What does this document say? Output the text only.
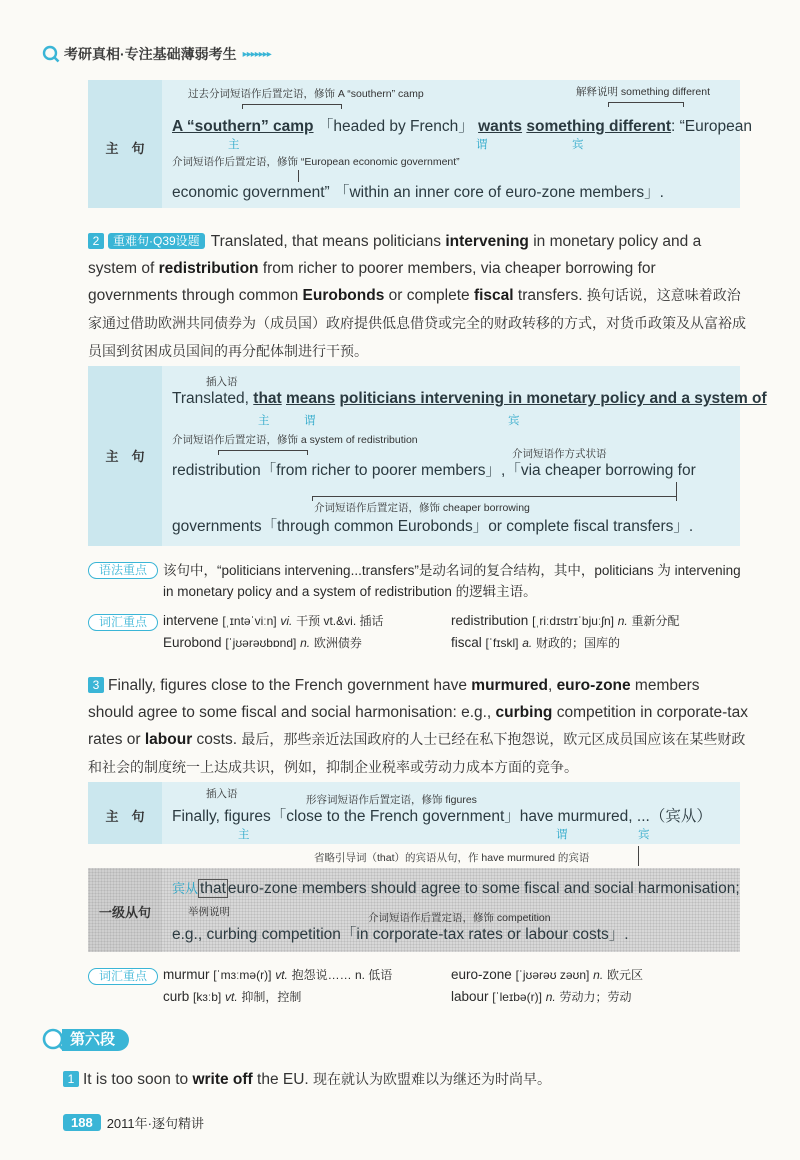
考研真相·专注基础薄弱考生 ▸▸▸▸▸▸▸
主　句
过去分词短语作后置定语，修饰 A “southern” camp	解释说明 something different
A “southern” camp 「headed by French」 wants something different: “European
主	谓	宾
介词短语作后置定语，修饰 “European economic government”
economic government” 「within an inner core of euro-zone members」.
2 重难句·Q39设题 Translated, that means politicians intervening in monetary policy and a system of redistribution from richer to poorer members, via cheaper borrowing for governments through common Eurobonds or complete fiscal transfers. 换句话说，这意味着政治家通过借助欧洲共同债券为（成员国）政府提供低息借贷或完全的财政转移的方式，对货币政策及从富裕成员国到贫困成员国间的再分配体制进行干预。
主　句
插入语
Translated, that means politicians intervening in monetary policy and a system of
主	谓	宾
介词短语作后置定语，修饰 a system of redistribution
介词短语作方式状语
redistribution「from richer to poorer members」,「via cheaper borrowing for
介词短语作后置定语，修饰 cheaper borrowing
governments「through common Eurobonds」or complete fiscal transfers」.
语法重点	该句中，“politicians intervening...transfers”是动名词的复合结构，其中，politicians 为 intervening in monetary policy and a system of redistribution 的逻辑主语。
词汇重点	intervene [ˌɪntəˈviːn] vi. 干预 vt.&vi. 插话	redistribution [ˌriːdɪstrɪˈbjuːʃn] n. 重新分配
Eurobond [ˈjʊərəʊbɒnd] n. 欧洲债券	fiscal [ˈfɪskl] a. 财政的；国库的
3 Finally, figures close to the French government have murmured, euro-zone members should agree to some fiscal and social harmonisation: e.g., curbing competition in corporate-tax rates or labour costs. 最后，那些亲近法国政府的人士已经在私下抱怨说，欧元区成员国应该在某些财政和社会的制度统一上达成共识，例如，抑制企业税率或劳动力成本方面的竞争。
主　句
插入语	形容词短语作后置定语，修饰 figures
Finally, figures「close to the French government」have murmured, ...（宾从）
主	谓	宾
省略引导词（that）的宾语从句，作 have murmured 的宾语
一级从句
宾从 that euro-zone members should agree to some fiscal and social harmonisation;
举例说明	介词短语作后置定语，修饰 competition
e.g., curbing competition「in corporate-tax rates or labour costs」.
词汇重点	murmur [ˈmɜːmə(r)] vt. 抱怨说…… n. 低语	euro-zone [ˈjʊərəʊ zəʊn] n. 欧元区
curb [kɜːb] vt. 抑制，控制	labour [ˈleɪbə(r)] n. 劳动力；劳动
第六段
1 It is too soon to write off the EU. 现在就认为欧盟难以为继还为时尚早。
188	2011年·逐句精讲
